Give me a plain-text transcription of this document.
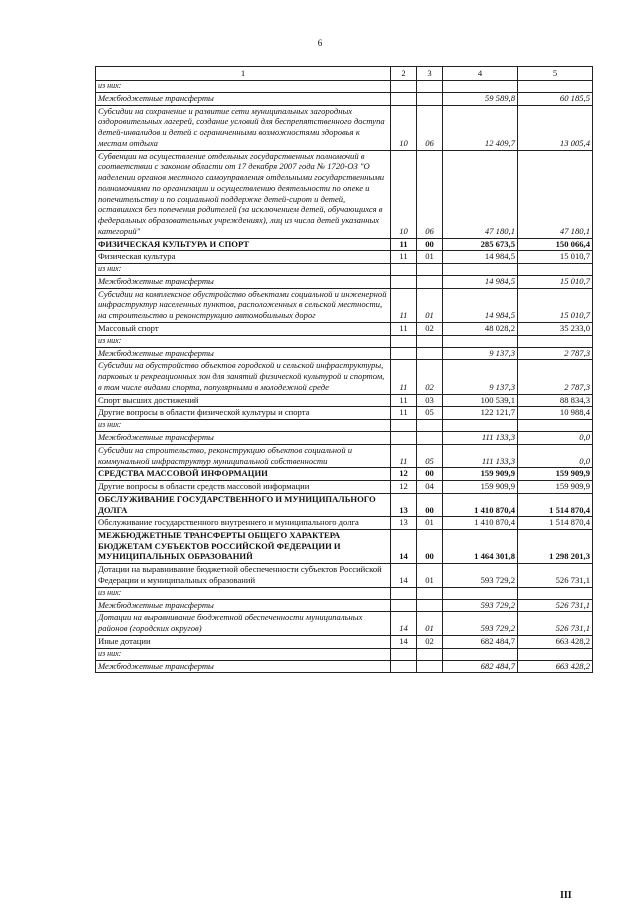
6
1	2	3	4	5
из них:				
Межбюджетные трансферты			59 589,8	60 185,5
Субсидии на сохранение и развитие сети муниципальных загородных оздоровительных лагерей, создание условий для беспрепятственного доступа детей-инвалидов и детей с ограниченными возможностями здоровья к местам отдыха	10	06	12 409,7	13 005,4
Субвенции на осуществление отдельных государственных полномочий в соответствии с законом области от 17 декабря 2007 года № 1720-ОЗ "О наделении органов местного самоуправления отдельными государственными полномочиями по организации и осуществлению деятельности по опеке и попечительству и по социальной поддержке детей-сирот и детей, оставшихся без попечения родителей (за исключением детей, обучающихся в федеральных образовательных учреждениях), лиц из числа детей указанных категорий"	10	06	47 180,1	47 180,1
ФИЗИЧЕСКАЯ КУЛЬТУРА И СПОРТ	11	00	285 673,5	150 066,4
Физическая культура	11	01	14 984,5	15 010,7
из них:				
Межбюджетные трансферты			14 984,5	15 010,7
Субсидии на комплексное обустройство объектами социальной и инженерной инфраструктур населенных пунктов, расположенных в сельской местности, на строительство и реконструкцию автомобильных дорог	11	01	14 984,5	15 010,7
Массовый спорт	11	02	48 028,2	35 233,0
из них:				
Межбюджетные трансферты			9 137,3	2 787,3
Субсидии на обустройство объектов городской и сельской инфраструктуры, парковых и рекреационных зон для занятий физической культурой и спортом, в том числе видами спорта, популярными в молодежной среде	11	02	9 137,3	2 787,3
Спорт высших достижений	11	03	100 539,1	88 834,3
Другие вопросы в области физической культуры и спорта	11	05	122 121,7	10 988,4
из них:				
Межбюджетные трансферты			111 133,3	0,0
Субсидии на строительство, реконструкцию объектов социальной и коммунальной инфраструктур муниципальной собственности	11	05	111 133,3	0,0
СРЕДСТВА МАССОВОЙ ИНФОРМАЦИИ	12	00	159 909,9	159 909,9
Другие вопросы в области средств массовой информации	12	04	159 909,9	159 909,9
ОБСЛУЖИВАНИЕ ГОСУДАРСТВЕННОГО И МУНИЦИПАЛЬНОГО ДОЛГА	13	00	1 410 870,4	1 514 870,4
Обслуживание государственного внутреннего и муниципального долга	13	01	1 410 870,4	1 514 870,4
МЕЖБЮДЖЕТНЫЕ ТРАНСФЕРТЫ ОБЩЕГО ХАРАКТЕРА БЮДЖЕТАМ СУБЪЕКТОВ РОССИЙСКОЙ ФЕДЕРАЦИИ И МУНИЦИПАЛЬНЫХ ОБРАЗОВАНИЙ	14	00	1 464 301,8	1 298 201,3
Дотации на выравнивание бюджетной обеспеченности субъектов Российской Федерации и муниципальных образований	14	01	593 729,2	526 731,1
из них:				
Межбюджетные трансферты			593 729,2	526 731,1
Дотации на выравнивание бюджетной обеспеченности муниципальных районов (городских округов)	14	01	593 729,2	526 731,1
Иные дотации	14	02	682 484,7	663 428,2
из них:				
Межбюджетные трансферты			682 484,7	663 428,2
ІІІ
